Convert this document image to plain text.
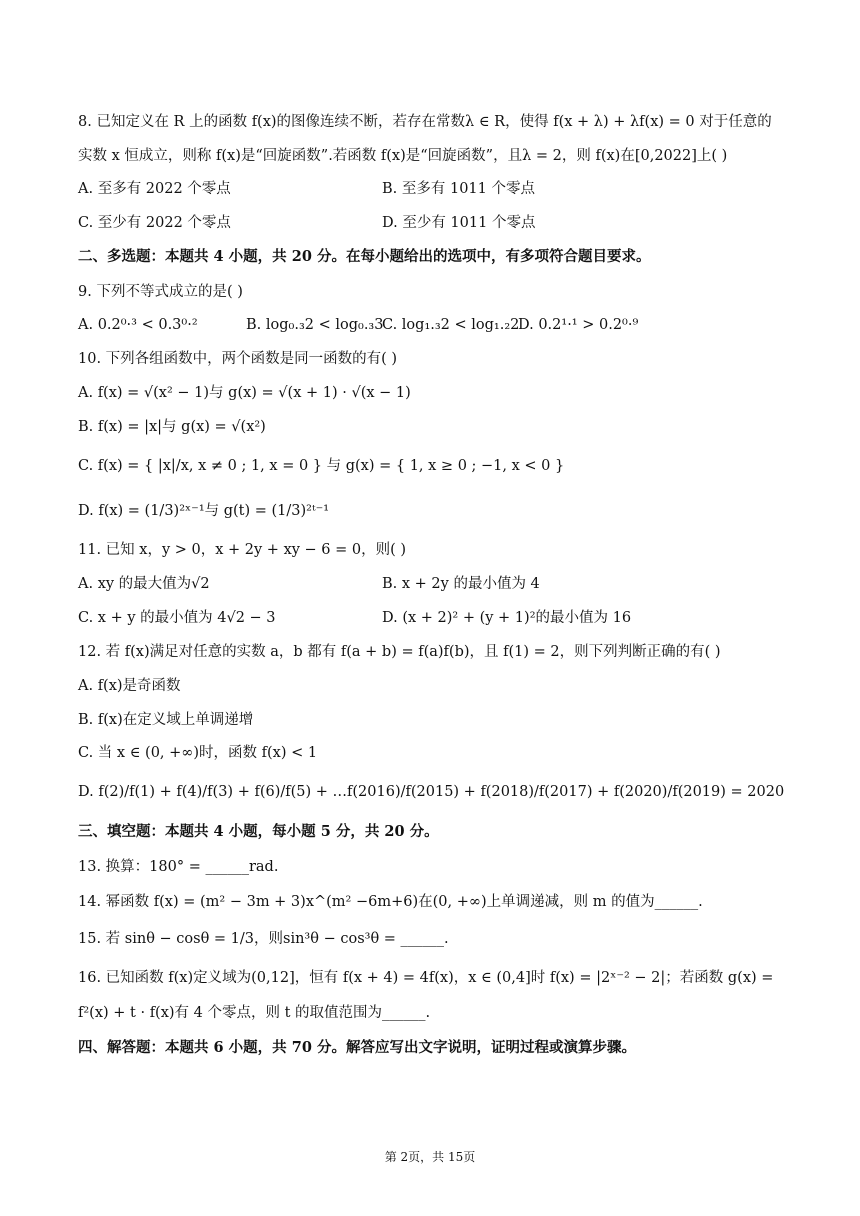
8. 已知定义在 R 上的函数 f(x)的图像连续不断，若存在常数λ ∈ R，使得 f(x + λ) + λf(x) = 0 对于任意的
实数 x 恒成立，则称 f(x)是“回旋函数”.若函数 f(x)是“回旋函数”，且λ = 2，则 f(x)在[0,2022]上( )
A. 至多有 2022 个零点	B. 至多有 1011 个零点
C. 至少有 2022 个零点	D. 至少有 1011 个零点
二、多选题：本题共 4 小题，共 20 分。在每小题给出的选项中，有多项符合题目要求。
9. 下列不等式成立的是( )
A. 0.2⁰·³ < 0.3⁰·²	B. log₀.₃2 < log₀.₃3
C. log₁.₃2 < log₁.₂2
D. 0.2¹·¹ > 0.2⁰·⁹
10. 下列各组函数中，两个函数是同一函数的有( )
A. f(x) = √(x² − 1)与 g(x) = √(x + 1) · √(x − 1)
B. f(x) = |x|与 g(x) = √(x²)
C. f(x) = { |x|/x, x ≠ 0 ; 1, x = 0 } 与 g(x) = { 1, x ≥ 0 ; −1, x < 0 }
D. f(x) = (1/3)²ˣ⁻¹与 g(t) = (1/3)²ᵗ⁻¹
11. 已知 x，y > 0，x + 2y + xy − 6 = 0，则( )
A. xy 的最大值为√2	B. x + 2y 的最小值为 4
C. x + y 的最小值为 4√2 − 3	D. (x + 2)² + (y + 1)²的最小值为 16
12. 若 f(x)满足对任意的实数 a，b 都有 f(a + b) = f(a)f(b)，且 f(1) = 2，则下列判断正确的有( )
A. f(x)是奇函数
B. f(x)在定义域上单调递增
C. 当 x ∈ (0, +∞)时，函数 f(x) < 1
D. f(2)/f(1) + f(4)/f(3) + f(6)/f(5) + …f(2016)/f(2015) + f(2018)/f(2017) + f(2020)/f(2019) = 2020
三、填空题：本题共 4 小题，每小题 5 分，共 20 分。
13. 换算：180° = ______rad.
14. 幂函数 f(x) = (m² − 3m + 3)x^(m² −6m+6)在(0, +∞)上单调递减，则 m 的值为______.
15. 若 sinθ − cosθ = 1/3，则sin³θ − cos³θ = ______.
16. 已知函数 f(x)定义域为(0,12]，恒有 f(x + 4) = 4f(x)，x ∈ (0,4]时 f(x) = |2ˣ⁻² − 2|；若函数 g(x) =
f²(x) + t · f(x)有 4 个零点，则 t 的取值范围为______.
四、解答题：本题共 6 小题，共 70 分。解答应写出文字说明，证明过程或演算步骤。
第 2页，共 15页
